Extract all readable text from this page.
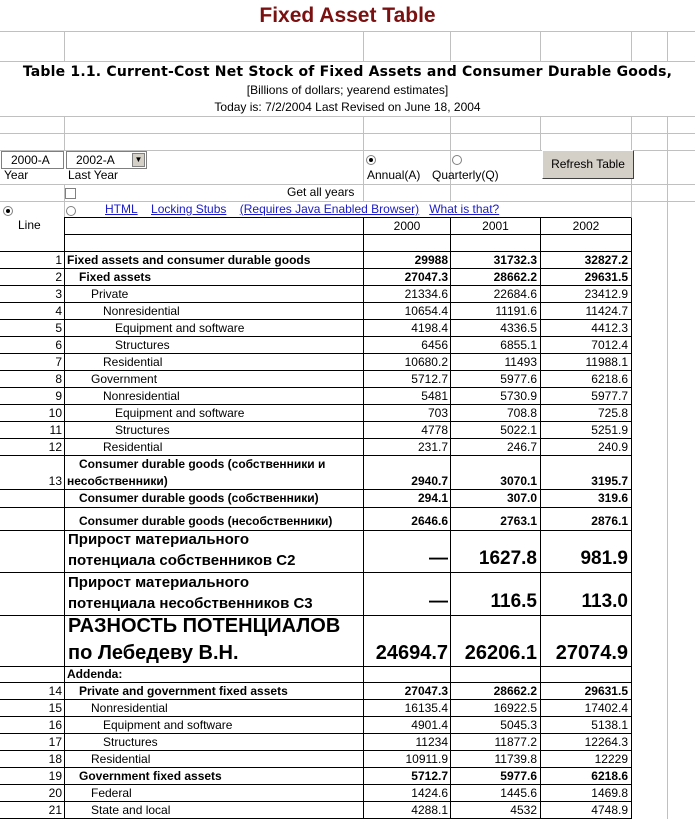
Fixed Asset Table
Table 1.1. Current-Cost Net Stock of Fixed Assets and Consumer Durable Goods,
[Billions of dollars; yearend estimates]
Today is: 7/2/2004 Last Revised on June 18, 2004
2000-A	2002-A	▼
Year	Last Year	Annual(A) Quarterly(Q)
Refresh Table
Get all years
HTML Locking Stubs (Requires Java Enabled Browser) What is that?
Line	2000	2001	2002
1 Fixed assets and consumer durable goods	29988	31732.3	32827.2
2 Fixed assets	27047.3	28662.2	29631.5
3 Private	21334.6	22684.6	23412.9
4	Nonresidential	10654.4	11191.6	11424.7
5	Equipment and software	4198.4	4336.5	4412.3
6	Structures	6456	6855.1	7012.4
7	Residential	10680.2	11493	11988.1
8 Government	5712.7	5977.6	6218.6
9	Nonresidential	5481	5730.9	5977.7
10	Equipment and software	703	708.8	725.8
11	Structures	4778	5022.1	5251.9
12	Residential	231.7	246.7	240.9
Consumer durable goods (собственники и
13 несобственники)	2940.7	3070.1	3195.7
Consumer durable goods (собственники)	294.1	307.0	319.6
Consumer durable goods (несобственники)	2646.6	2763.1	2876.1
Прирост материального
потенциала собственников С2	—	1627.8	981.9
Прирост материального
потенциала несобственников С3	—	116.5	113.0
РАЗНОСТЬ ПОТЕНЦИАЛОВ
по Лебедеву В.Н.	24694.7 26206.1 27074.9
Addenda:
14 Private and government fixed assets	27047.3	28662.2	29631.5
15 Nonresidential	16135.4	16922.5	17402.4
16	Equipment and software	4901.4	5045.3	5138.1
17	Structures	11234	11877.2	12264.3
18 Residential	10911.9	11739.8	12229
19 Government fixed assets	5712.7	5977.6	6218.6
20 Federal	1424.6	1445.6	1469.8
21 State and local	4288.1	4532	4748.9
